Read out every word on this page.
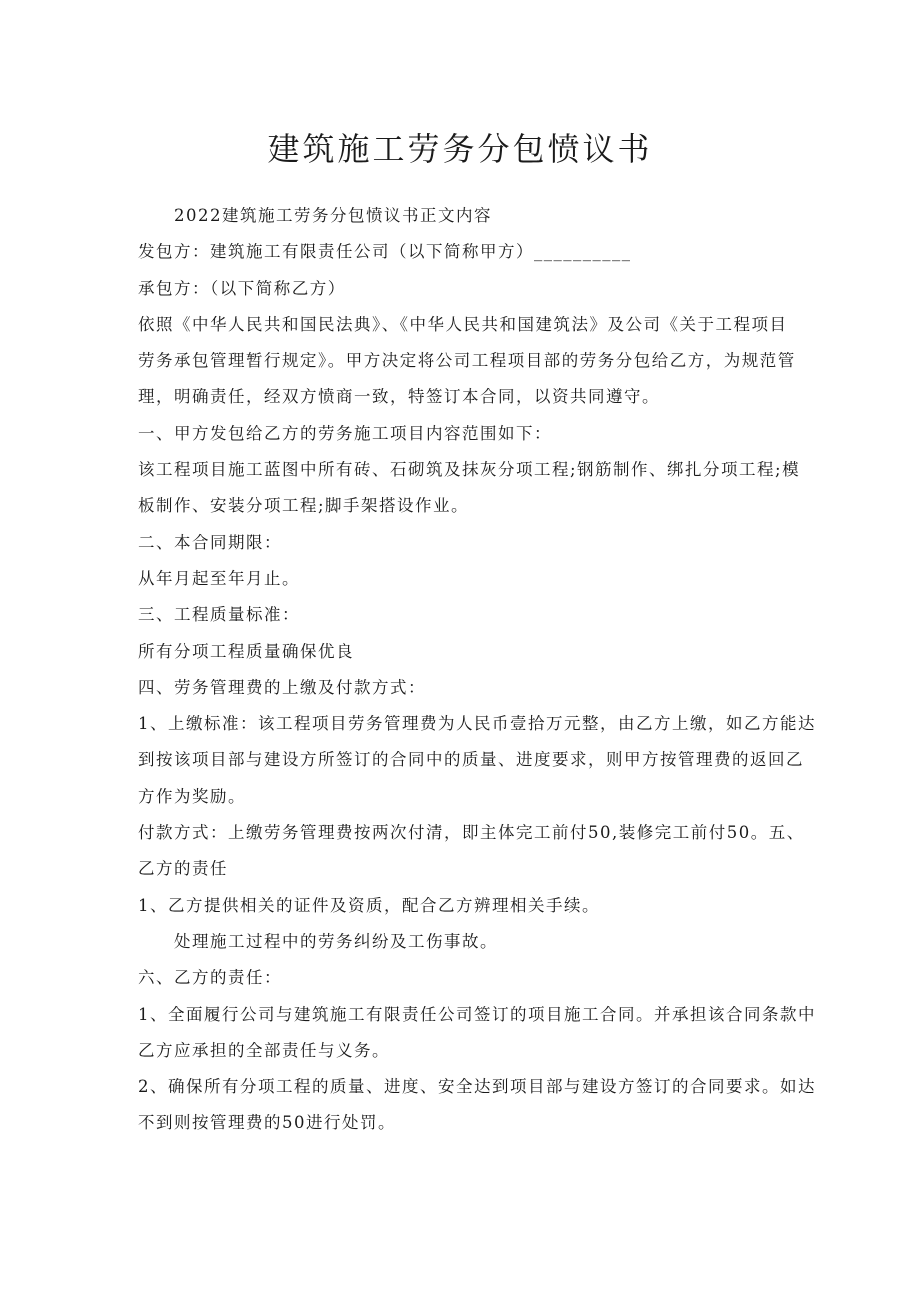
建筑施工劳务分包愤议书
2022建筑施工劳务分包愤议书正文内容
发包方：建筑施工有限责任公司（以下简称甲方）__________
承包方：（以下简称乙方）
依照《中华人民共和国民法典》、《中华人民共和国建筑法》及公司《关于工程项目
劳务承包管理暂行规定》。甲方决定将公司工程项目部的劳务分包给乙方，为规范管
理，明确责任，经双方愤商一致，特签订本合同，以资共同遵守。
一、甲方发包给乙方的劳务施工项目内容范围如下：
该工程项目施工蓝图中所有砖、石砌筑及抹灰分项工程;钢筋制作、绑扎分项工程;模
板制作、安装分项工程;脚手架搭设作业。
二、本合同期限：
从年月起至年月止。
三、工程质量标准：
所有分项工程质量确保优良
四、劳务管理费的上缴及付款方式：
1、上缴标准：该工程项目劳务管理费为人民币壹拾万元整，由乙方上缴，如乙方能达
到按该项目部与建设方所签订的合同中的质量、进度要求，则甲方按管理费的返回乙
方作为奖励。
付款方式：上缴劳务管理费按两次付清，即主体完工前付50,装修完工前付50。五、
乙方的责任
1、乙方提供相关的证件及资质，配合乙方辨理相关手续。
处理施工过程中的劳务纠纷及工伤事故。
六、乙方的责任：
1、全面履行公司与建筑施工有限责任公司签订的项目施工合同。并承担该合同条款中
乙方应承担的全部责任与义务。
2、确保所有分项工程的质量、进度、安全达到项目部与建设方签订的合同要求。如达
不到则按管理费的50进行处罚。
